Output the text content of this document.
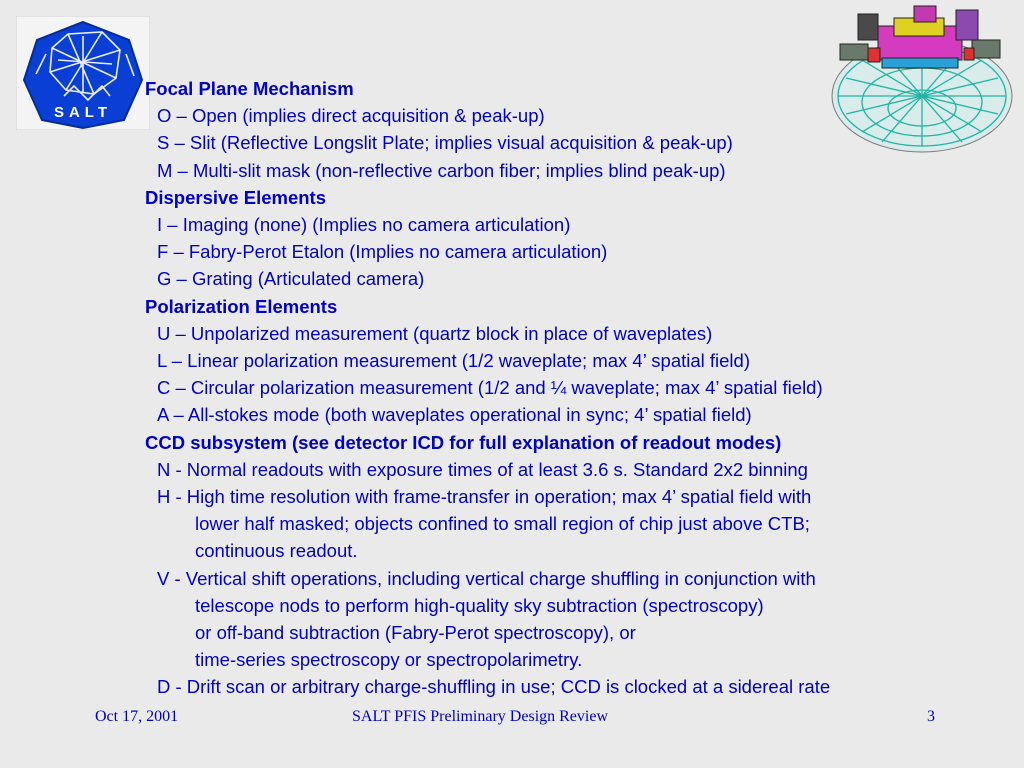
SALT
Focal Plane Mechanism
O – Open (implies direct acquisition & peak-up)
S – Slit (Reflective Longslit Plate; implies visual acquisition & peak-up)
M – Multi-slit mask (non-reflective carbon fiber; implies blind peak-up)
Dispersive Elements
I – Imaging (none) (Implies no camera articulation)
F – Fabry-Perot Etalon (Implies no camera articulation)
G – Grating (Articulated camera)
Polarization Elements
U – Unpolarized measurement (quartz block in place of waveplates)
L – Linear polarization measurement (1/2 waveplate; max 4’ spatial field)
C – Circular polarization measurement (1/2 and ¼ waveplate; max 4’ spatial field)
A – All-stokes mode (both waveplates operational in sync; 4’ spatial field)
CCD subsystem (see detector ICD for full explanation of readout modes)
N - Normal readouts with exposure times of at least 3.6 s. Standard 2x2 binning
H - High time resolution with frame-transfer in operation; max 4’ spatial field with
lower half masked; objects confined to small region of chip just above CTB;
continuous readout.
V - Vertical shift operations, including vertical charge shuffling in conjunction with
telescope nods to perform high-quality sky subtraction (spectroscopy)
or off-band subtraction (Fabry-Perot spectroscopy), or
time-series spectroscopy or spectropolarimetry.
D - Drift scan or arbitrary charge-shuffling in use; CCD is clocked at a sidereal rate
Oct 17, 2001	SALT PFIS Preliminary Design Review	3
